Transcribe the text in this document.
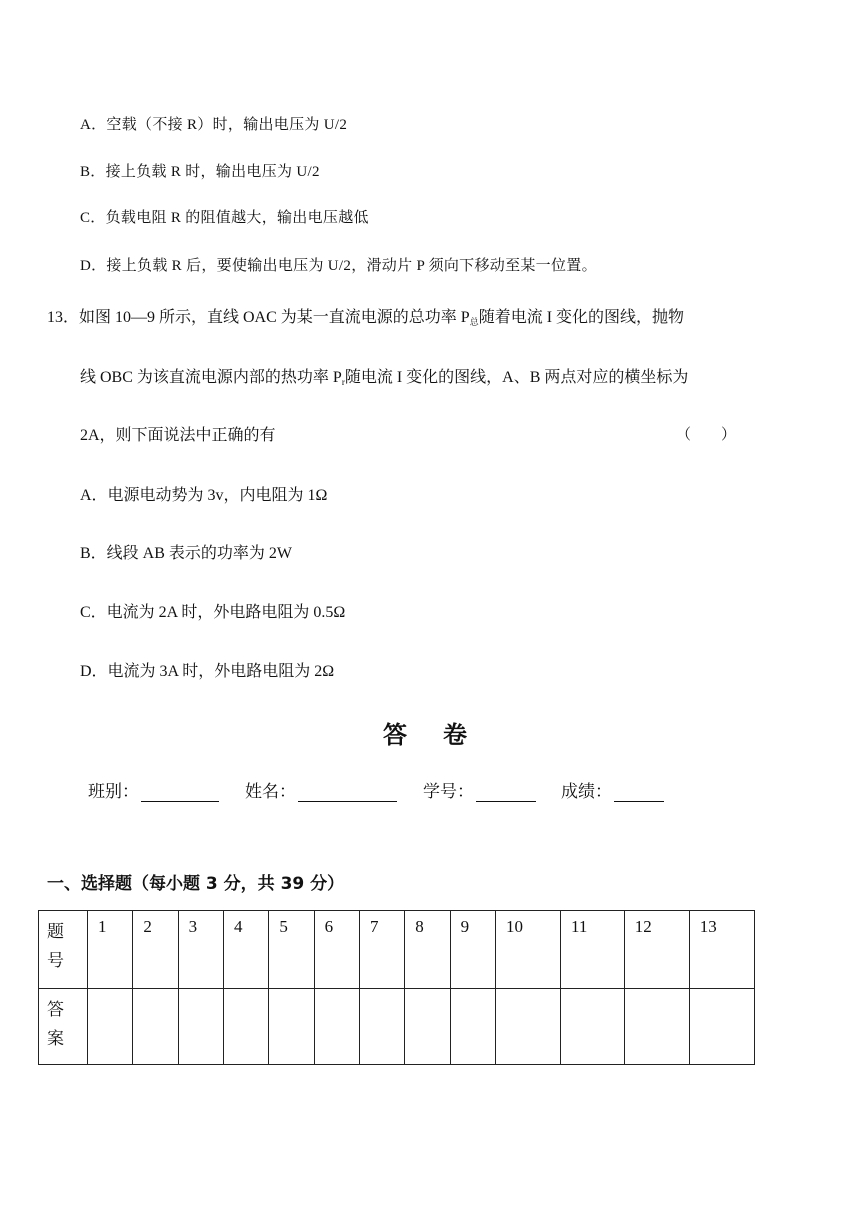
A．空载（不接 R）时，输出电压为 U/2
B．接上负载 R 时，输出电压为 U/2
C．负载电阻 R 的阻值越大，输出电压越低
D．接上负载 R 后，要使输出电压为 U/2，滑动片 P 须向下移动至某一位置。
13．如图 10—9 所示，直线 OAC 为某一直流电源的总功率 $P_总$随着电流 I 变化的图线，抛物
线 OBC 为该直流电源内部的热功率 $P_r$随电流 I 变化的图线，A、B 两点对应的横坐标为
2A，则下面说法中正确的有	（　　）
A．电源电动势为 3v，内电阻为 1Ω
B．线段 AB 表示的功率为 2W
C．电流为 2A 时，外电路电阻为 0.5Ω
D．电流为 3A 时，外电路电阻为 2Ω
答 卷
班别：	姓名：	学号：	成绩：
一、选择题（每小题 3 分，共 39 分）
题
号	1	2	3	4	5	6	7	8	9	10	11	12	13
答
案													
